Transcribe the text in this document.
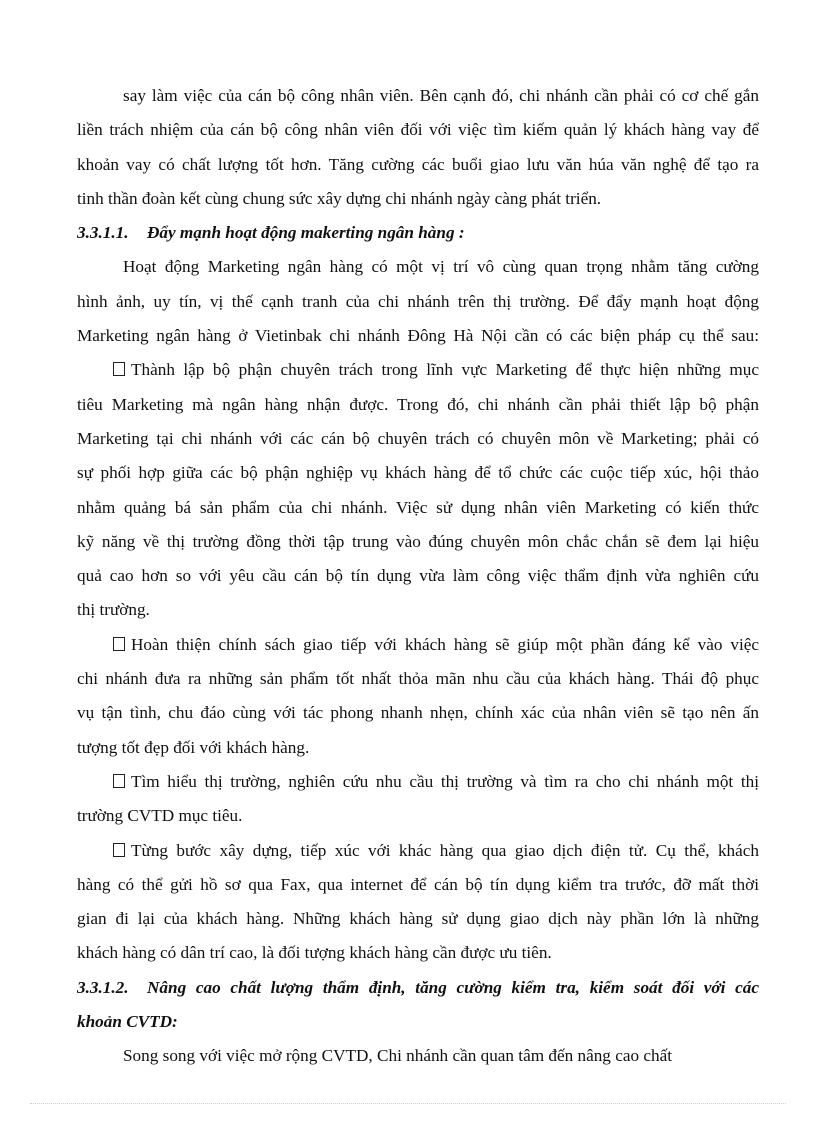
say làm việc của cán bộ công nhân viên. Bên cạnh đó, chi nhánh cần phải có cơ chế gắn
liền trách nhiệm của cán bộ công nhân viên đối với việc tìm kiếm quản lý khách hàng vay để
khoản vay có chất lượng tốt hơn. Tăng cường các buổi giao lưu văn húa văn nghệ để tạo ra
tinh thần đoàn kết cùng chung sức xây dựng chi nhánh ngày càng phát triển.
3.3.1.1. Đẩy mạnh hoạt động makerting ngân hàng :
Hoạt động Marketing ngân hàng có một vị trí vô cùng quan trọng nhằm tăng cường
hình ảnh, uy tín, vị thế cạnh tranh của chi nhánh trên thị trường. Để đẩy mạnh hoạt động
Marketing ngân hàng ở Vietinbak chi nhánh Đông Hà Nội cần có các biện pháp cụ thể sau:
Thành lập bộ phận chuyên trách trong lĩnh vực Marketing để thực hiện những mục
tiêu Marketing mà ngân hàng nhận được. Trong đó, chi nhánh cần phải thiết lập bộ phận
Marketing tại chi nhánh với các cán bộ chuyên trách có chuyên môn về Marketing; phải có
sự phối hợp giữa các bộ phận nghiệp vụ khách hàng để tổ chức các cuộc tiếp xúc, hội thảo
nhằm quảng bá sản phẩm của chi nhánh. Việc sử dụng nhân viên Marketing có kiến thức
kỹ năng về thị trường đồng thời tập trung vào đúng chuyên môn chắc chắn sẽ đem lại hiệu
quả cao hơn so với yêu cầu cán bộ tín dụng vừa làm công việc thẩm định vừa nghiên cứu
thị trường.
Hoàn thiện chính sách giao tiếp với khách hàng sẽ giúp một phần đáng kể vào việc
chi nhánh đưa ra những sản phẩm tốt nhất thỏa mãn nhu cầu của khách hàng. Thái độ phục
vụ tận tình, chu đáo cùng với tác phong nhanh nhẹn, chính xác của nhân viên sẽ tạo nên ấn
tượng tốt đẹp đối với khách hàng.
Tìm hiểu thị trường, nghiên cứu nhu cầu thị trường và tìm ra cho chi nhánh một thị
trường CVTD mục tiêu.
Từng bước xây dựng, tiếp xúc với khác hàng qua giao dịch điện tử. Cụ thể, khách
hàng có thể gửi hồ sơ qua Fax, qua internet để cán bộ tín dụng kiểm tra trước, đỡ mất thời
gian đi lại của khách hàng. Những khách hàng sử dụng giao dịch này phần lớn là những
khách hàng có dân trí cao, là đối tượng khách hàng cần được ưu tiên.
3.3.1.2. Nâng cao chất lượng thẩm định, tăng cường kiểm tra, kiểm soát đối với các
khoản CVTD:
Song song với việc mở rộng CVTD, Chi nhánh cần quan tâm đến nâng cao chất
